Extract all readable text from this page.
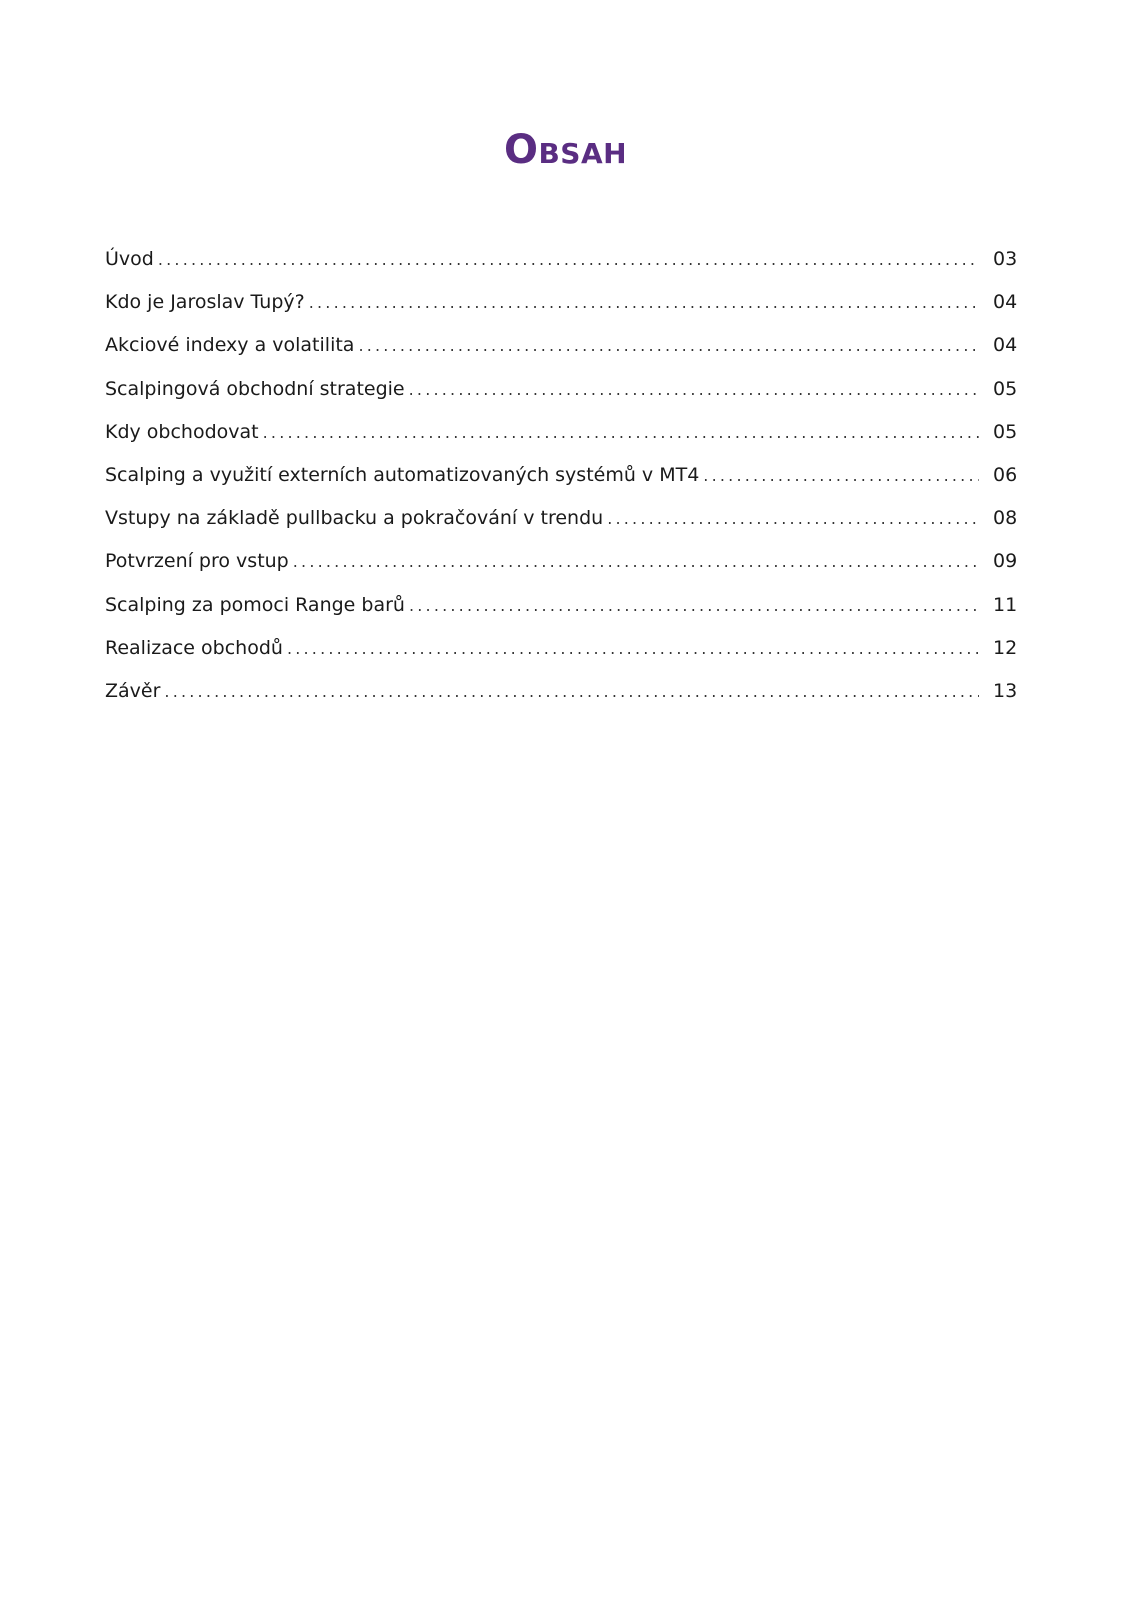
Obsah
Úvod .....	03
Kdo je Jaroslav Tupý? .....	04
Akciové indexy a volatilita .....	04
Scalpingová obchodní strategie .....	05
Kdy obchodovat .....	05
Scalping a využití externích automatizovaných systémů v MT4 .....	06
Vstupy na základě pullbacku a pokračování v trendu .....	08
Potvrzení pro vstup .....	09
Scalping za pomoci Range barů .....	11
Realizace obchodů .....	12
Závěr .....	13
